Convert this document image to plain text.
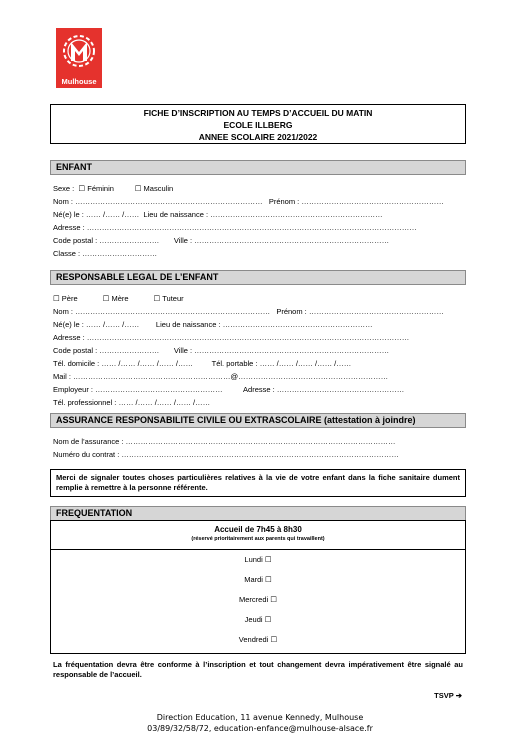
Mulhouse
FICHE D’INSCRIPTION AU TEMPS D’ACCUEIL DU MATIN
ECOLE ILLBERG
ANNEE SCOLAIRE 2021/2022
ENFANT
Sexe :  ☐ Féminin          ☐ Masculin
Nom : …………………………………………………………………   Prénom : …………………………………………………
Né(e) le : …… /…… /……  Lieu de naissance : ……………………………………………………………
Adresse : ……………………………………………………………………………………………………………………
Code postal : ……………………       Ville : ……………………………………………………………………
Classe : …………………………
RESPONSABLE LEGAL DE L’ENFANT
☐ Père            ☐ Mère            ☐ Tuteur
Nom : ……………………………………………………………………   Prénom : ………………………………………………
Né(e) le : …… /…… /……        Lieu de naissance : ……………………………………………………
Adresse : …………………………………………………………………………………………………………………
Code postal : ……………………       Ville : ……………………………………………………………………
Tél. domicile : …… /…… /…… /…… /……         Tél. portable : …… /…… /…… /…… /……
Mail : ………………………………………………………@……………………………………………………
Employeur : ……………………………………………          Adresse : ……………………………………………
Tél. professionnel : …… /…… /…… /…… /……
ASSURANCE RESPONSABILITE CIVILE OU EXTRASCOLAIRE (attestation à joindre)
Nom de l’assurance : ………………………………………………………………………………………………
Numéro du contrat : …………………………………………………………………………………………………
Merci de signaler toutes choses particulières relatives à la vie de votre enfant dans la fiche sanitaire dument remplie à remettre à la personne référente.
FREQUENTATION
Accueil de 7h45 à 8h30
(réservé prioritairement aux parents qui travaillent)
Lundi ☐
Mardi ☐
Mercredi ☐
Jeudi ☐
Vendredi ☐
La fréquentation devra être conforme à l’inscription et tout changement devra impérativement être signalé au responsable de l’accueil.
TSVP ➔
Direction Education, 11 avenue Kennedy, Mulhouse
03/89/32/58/72, education-enfance@mulhouse-alsace.fr
